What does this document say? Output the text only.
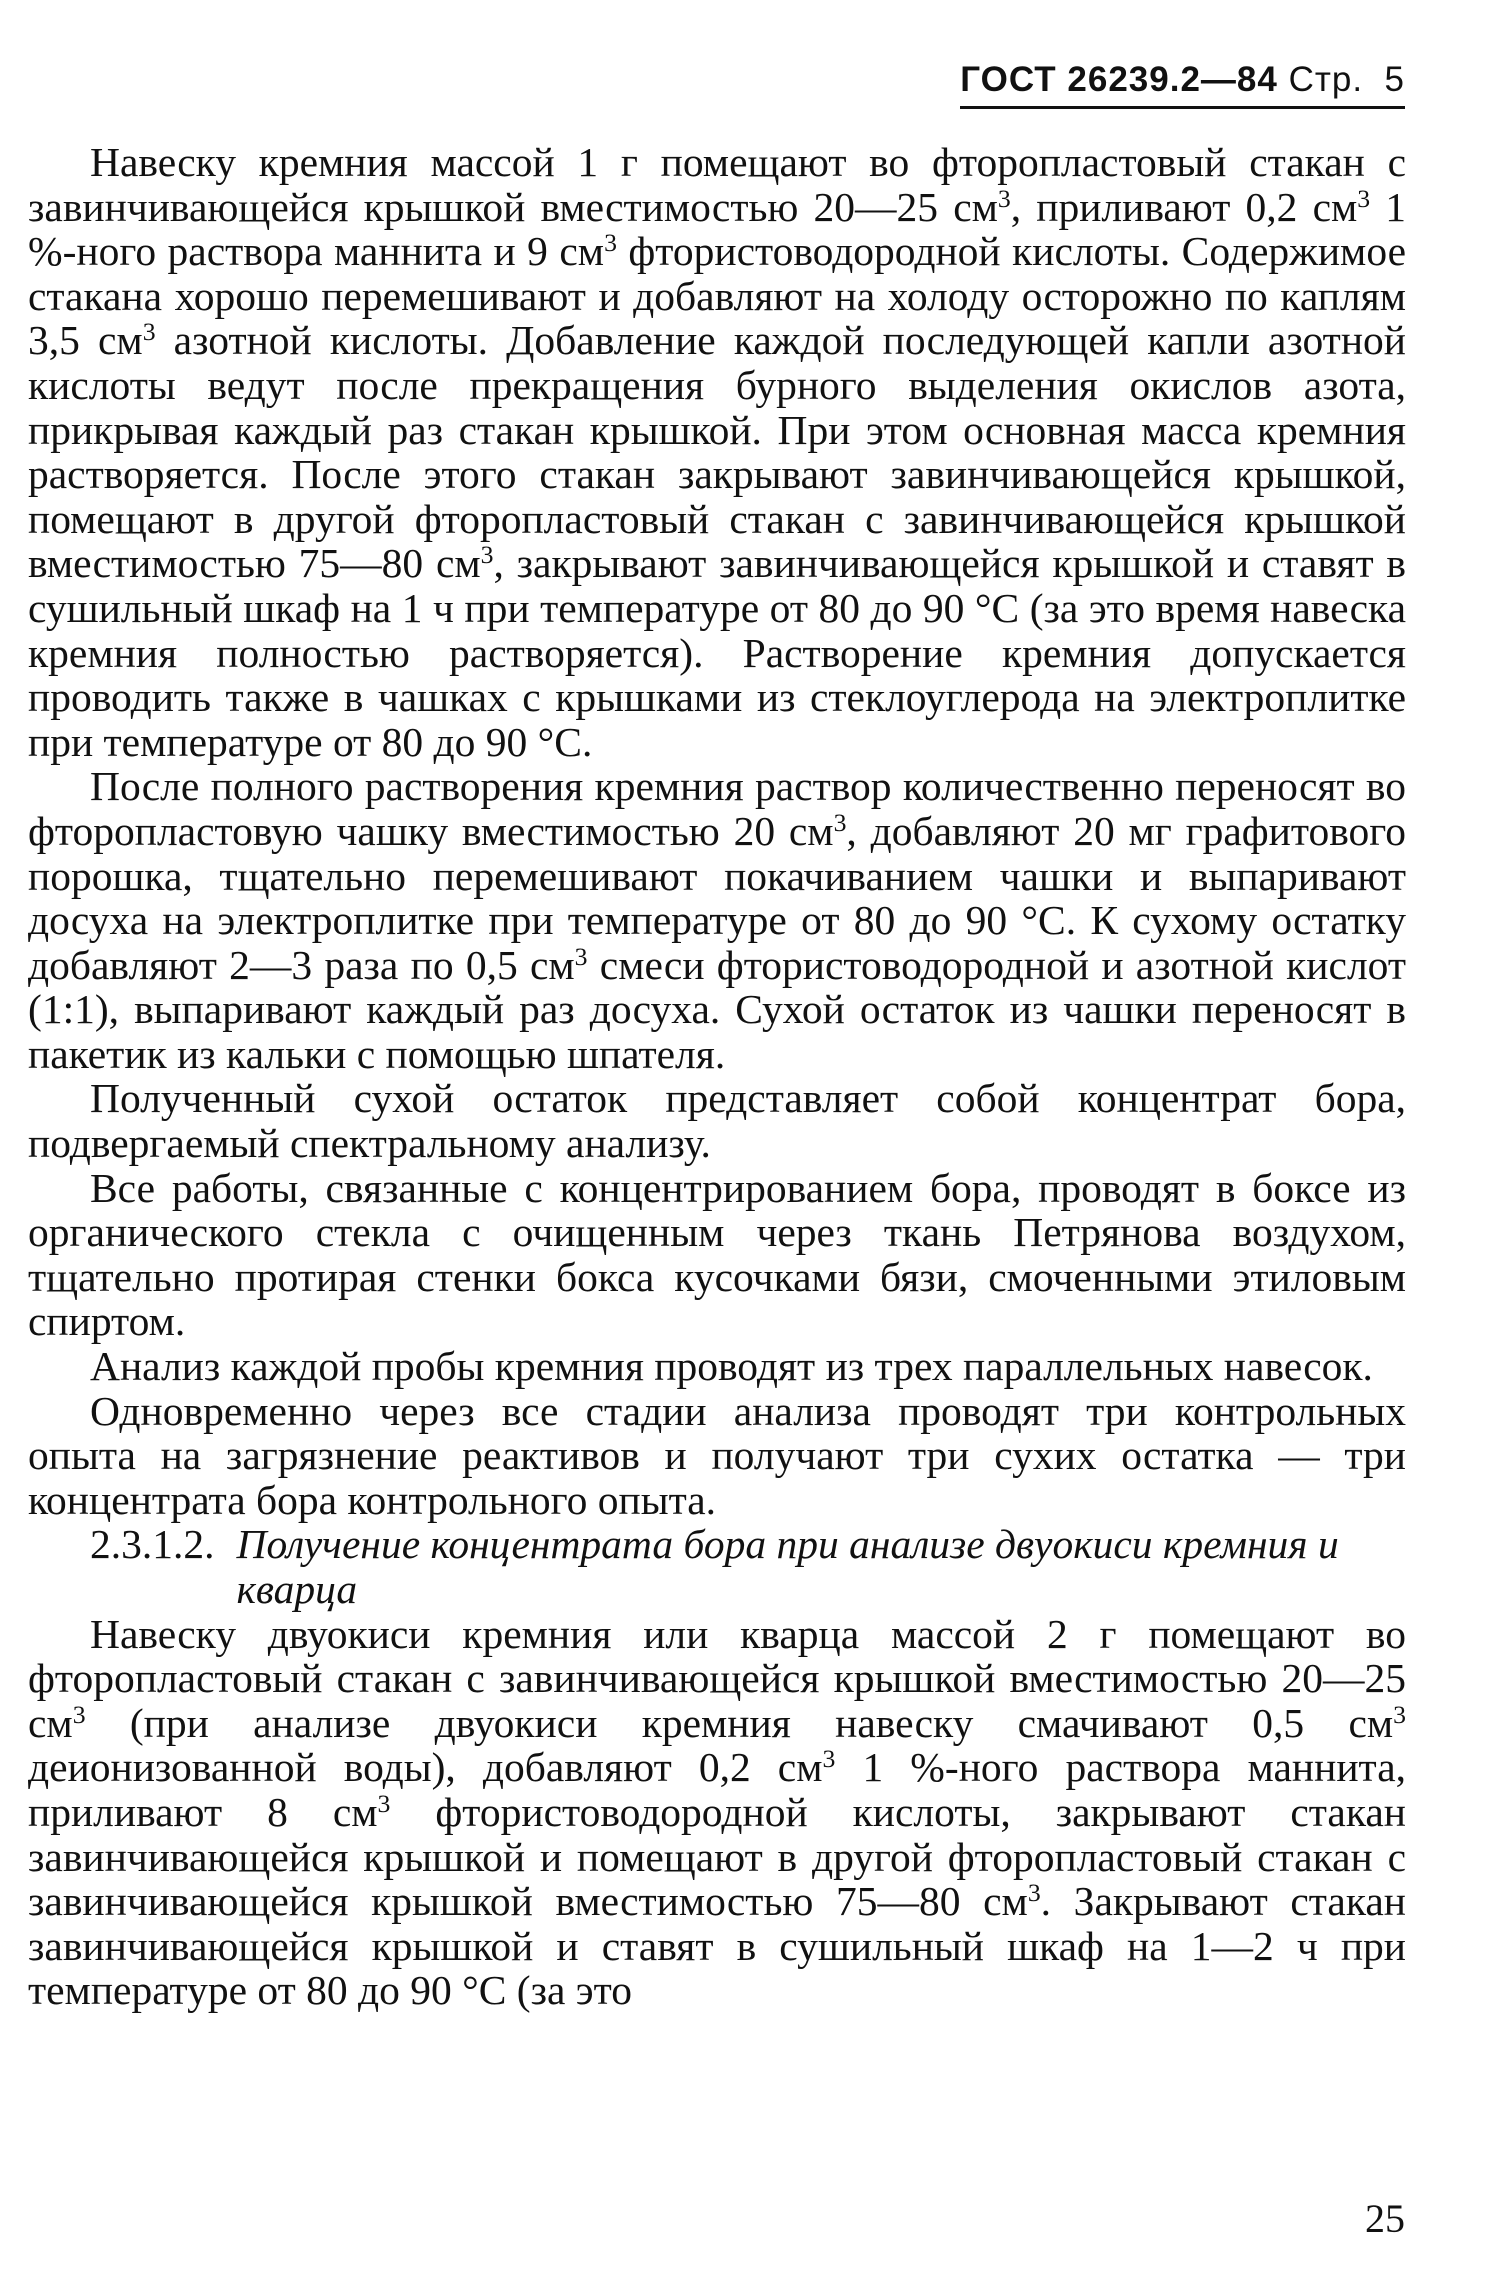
ГОСТ 26239.2—84 Стр. 5

Навеску кремния массой 1 г помещают во фторопластовый стакан с завинчивающейся крышкой вместимостью 20—25 $см^3$, приливают 0,2 $см^3$ 1 %-ного раствора маннита и 9 $см^3$ фтористоводородной кислоты. Содержимое стакана хорошо перемешивают и добавляют на холоду осторожно по каплям 3,5 $см^3$ азотной кислоты. Добавление каждой последующей капли азотной кислоты ведут после прекращения бурного выделения окислов азота, прикрывая каждый раз стакан крышкой. При этом основная масса кремния растворяется. После этого стакан закрывают завинчивающейся крышкой, помещают в другой фторопластовый стакан с завинчивающейся крышкой вместимостью 75—80 $см^3$, закрывают завинчивающейся крышкой и ставят в сушильный шкаф на 1 ч при температуре от 80 до 90 °С (за это время навеска кремния полностью растворяется). Растворение кремния допускается проводить также в чашках с крышками из стеклоуглерода на электроплитке при температуре от 80 до 90 °С.

После полного растворения кремния раствор количественно переносят во фторопластовую чашку вместимостью 20 $см^3$, добавляют 20 мг графитового порошка, тщательно перемешивают покачиванием чашки и выпаривают досуха на электроплитке при температуре от 80 до 90 °С. К сухому остатку добавляют 2—3 раза по 0,5 $см^3$ смеси фтористоводородной и азотной кислот (1:1), выпаривают каждый раз досуха. Сухой остаток из чашки переносят в пакетик из кальки с помощью шпателя.

Полученный сухой остаток представляет собой концентрат бора, подвергаемый спектральному анализу.

Все работы, связанные с концентрированием бора, проводят в боксе из органического стекла с очищенным через ткань Петрянова воздухом, тщательно протирая стенки бокса кусочками бязи, смоченными этиловым спиртом.

Анализ каждой пробы кремния проводят из трех параллельных навесок.

Одновременно через все стадии анализа проводят три контрольных опыта на загрязнение реактивов и получают три сухих остатка — три концентрата бора контрольного опыта.

2.3.1.2. Получение концентрата бора при анализе двуокиси кремния и кварца

Навеску двуокиси кремния или кварца массой 2 г помещают во фторопластовый стакан с завинчивающейся крышкой вместимостью 20—25 $см^3$ (при анализе двуокиси кремния навеску смачивают 0,5 $см^3$ деионизованной воды), добавляют 0,2 $см^3$ 1 %-ного раствора маннита, приливают 8 $см^3$ фтористоводородной кислоты, закрывают стакан завинчивающейся крышкой и помещают в другой фторопластовый стакан с завинчивающейся крышкой вместимостью 75—80 $см^3$. Закрывают стакан завинчивающейся крышкой и ставят в сушильный шкаф на 1—2 ч при температуре от 80 до 90 °С (за это

25
